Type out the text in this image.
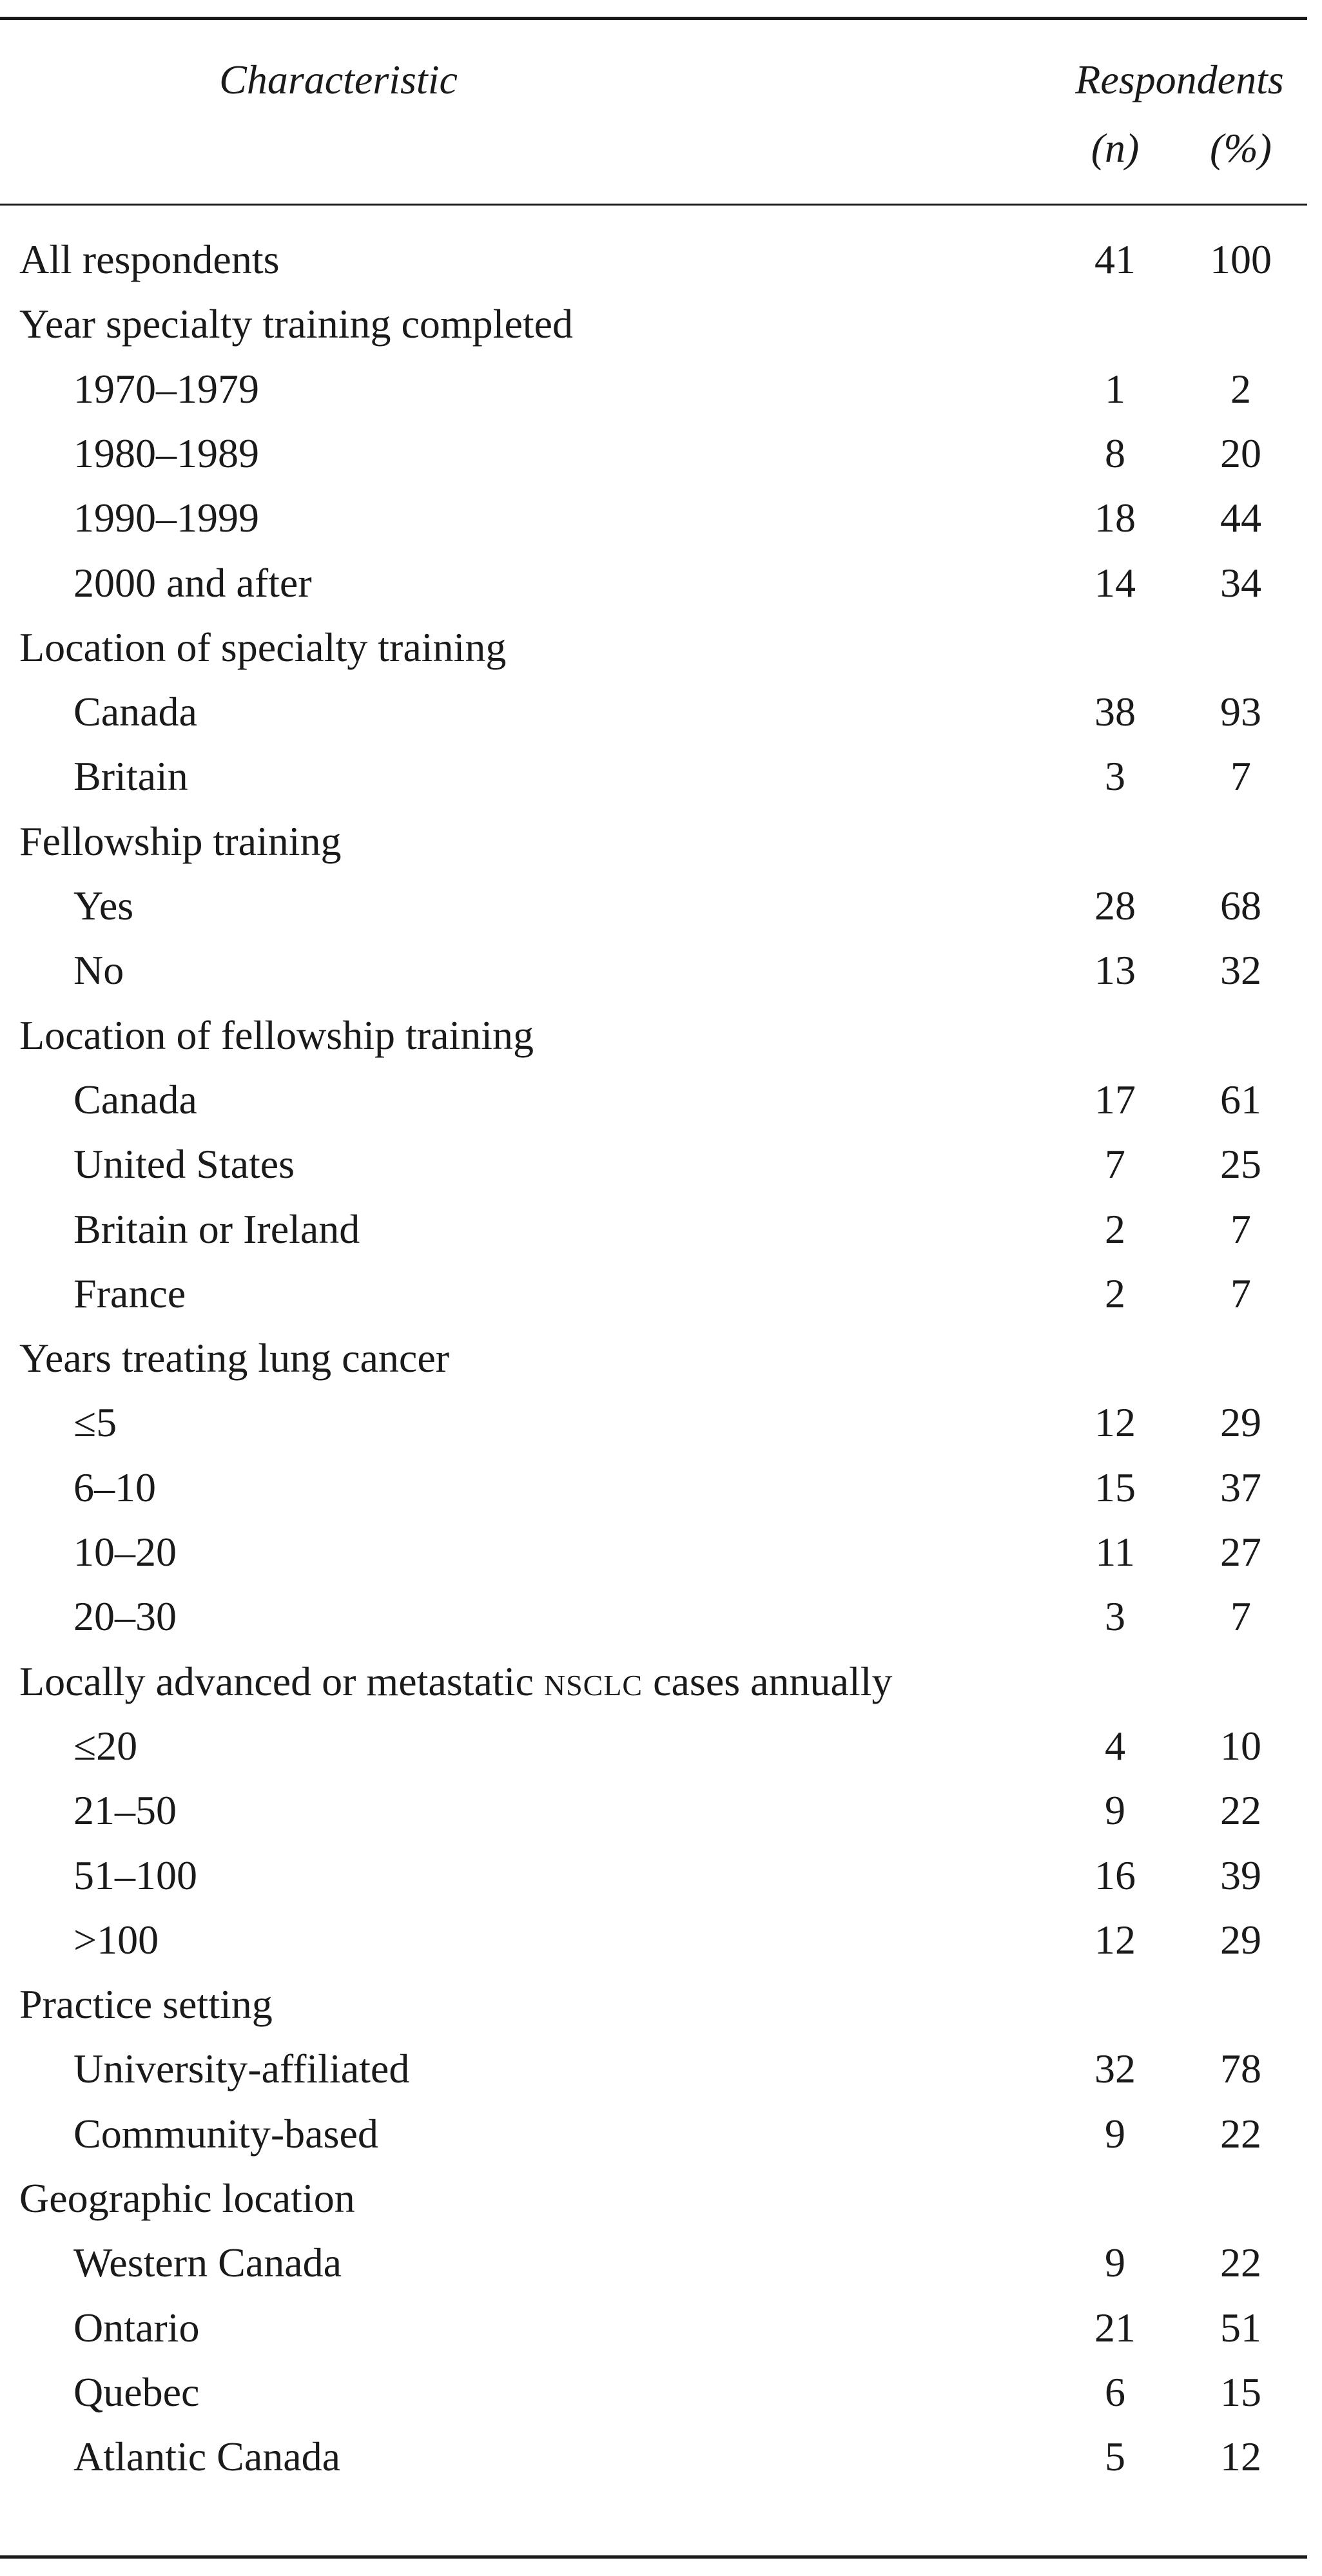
Characteristic	Respondents
(n)	(%)
All respondents	41	100
Year specialty training completed
1970–1979	1	2
1980–1989	8	20
1990–1999	18	44
2000 and after	14	34
Location of specialty training
Canada	38	93
Britain	3	7
Fellowship training
Yes	28	68
No	13	32
Location of fellowship training
Canada	17	61
United States	7	25
Britain or Ireland	2	7
France	2	7
Years treating lung cancer
≤5	12	29
6–10	15	37
10–20	11	27
20–30	3	7
Locally advanced or metastatic NSCLC cases annually
≤20	4	10
21–50	9	22
51–100	16	39
>100	12	29
Practice setting
University-affiliated	32	78
Community-based	9	22
Geographic location
Western Canada	9	22
Ontario	21	51
Quebec	6	15
Atlantic Canada	5	12
